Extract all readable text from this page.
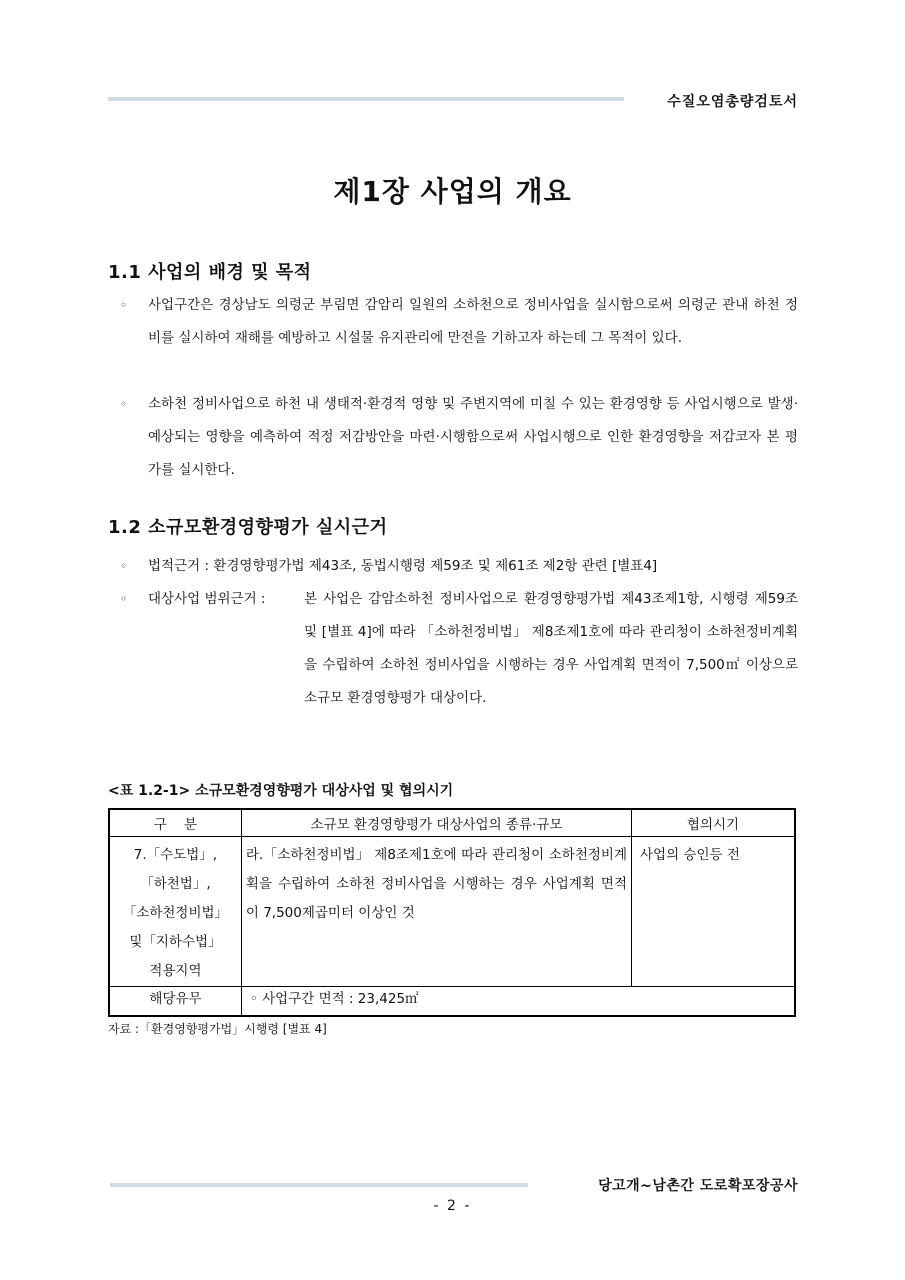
수질오염총량검토서
제1장 사업의 개요
1.1 사업의 배경 및 목적
◦ 사업구간은 경상남도 의령군 부림면 감암리 일원의 소하천으로 정비사업을 실시함으로써 의령군 관내 하천 정비를 실시하여 재해를 예방하고 시설물 유지관리에 만전을 기하고자 하는데 그 목적이 있다.
◦ 소하천 정비사업으로 하천 내 생태적·환경적 영향 및 주변지역에 미칠 수 있는 환경영향 등 사업시행으로 발생·예상되는 영향을 예측하여 적정 저감방안을 마련·시행함으로써 사업시행으로 인한 환경영향을 저감코자 본 평가를 실시한다.
1.2 소규모환경영향평가 실시근거
◦ 법적근거 : 환경영향평가법 제43조, 동법시행령 제59조 및 제61조 제2항 관련 [별표4]
◦ 대상사업 범위근거 :	본 사업은 감암소하천 정비사업으로 환경영향평가법 제43조제1항, 시행령 제59조 및 [별표 4]에 따라 「소하천정비법」 제8조제1호에 따라 관리청이 소하천정비계획을 수립하여 소하천 정비사업을 시행하는 경우 사업계획 면적이 7,500㎡ 이상으로 소규모 환경영향평가 대상이다.
<표 1.2-1> 소규모환경영향평가 대상사업 및 협의시기
구    분	소규모 환경영향평가 대상사업의 종류·규모	협의시기

7.「수도법」,
「하천법」,
「소하천정비법」
및「지하수법」
적용지역	라.「소하천정비법」 제8조제1호에 따라 관리청이 소하천정비계획을 수립하여 소하천 정비사업을 시행하는 경우 사업계획 면적이 7,500제곱미터 이상인 것	사업의 승인등 전
해당유무	◦ 사업구간 면적 : 23,425㎡	
자료 :「환경영향평가법」시행령 [별표 4]
당고개~남촌간 도로확포장공사
- 2 -
